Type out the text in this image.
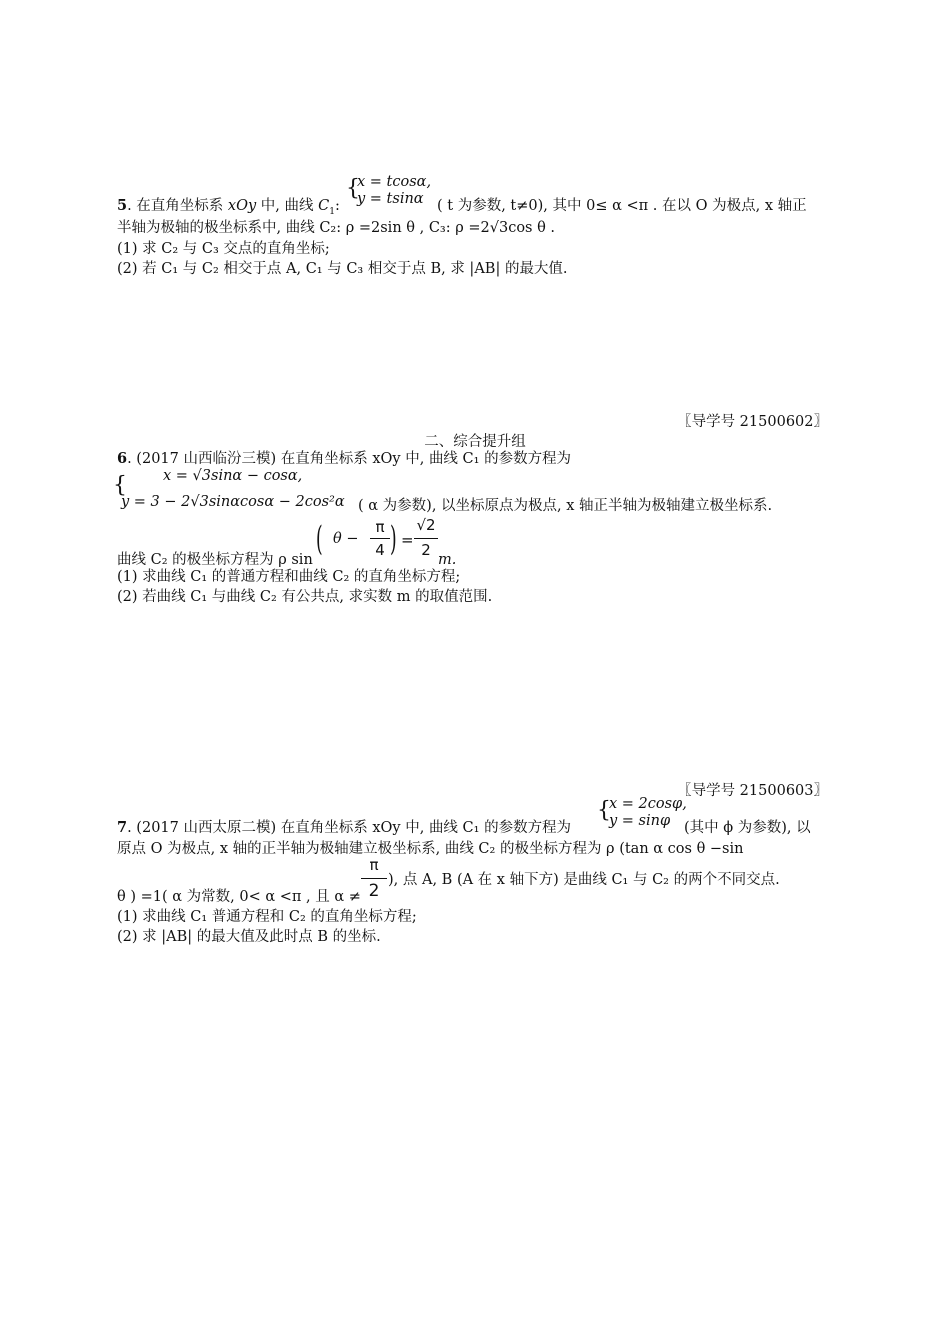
{
x = tcosα,
y = tsinα
5. 在直角坐标系 xOy 中, 曲线 $C_1$:	( t 为参数, t≠0), 其中 0≤ α <π . 在以 O 为极点, x 轴正
半轴为极轴的极坐标系中, 曲线 C₂: ρ =2sin θ , C₃: ρ =2√3cos θ .
(1) 求 C₂ 与 C₃ 交点的直角坐标;
(2) 若 C₁ 与 C₂ 相交于点 A, C₁ 与 C₃ 相交于点 B, 求 |AB| 的最大值.
〖导学号 21500602〗
二、综合提升组
6. (2017 山西临汾三模) 在直角坐标系 xOy 中, 曲线 C₁ 的参数方程为
{ x = √3sinα − cosα,
y = 3 − 2√3sinαcosα − 2cos²α ( α 为参数), 以坐标原点为极点, x 轴正半轴为极轴建立极坐标系.
曲线 C₂ 的极坐标方程为 ρ sin
( θ −
π
4 ) =
√2
2
m.
(1) 求曲线 C₁ 的普通方程和曲线 C₂ 的直角坐标方程;
(2) 若曲线 C₁ 与曲线 C₂ 有公共点, 求实数 m 的取值范围.
〖导学号 21500603〗
7. (2017 山西太原二模) 在直角坐标系 xOy 中, 曲线 C₁ 的参数方程为
{
x = 2cosφ,
y = sinφ (其中 ϕ 为参数), 以
原点 O 为极点, x 轴的正半轴为极轴建立极坐标系, 曲线 C₂ 的极坐标方程为 ρ (tan α cos θ −sin
θ ) =1( α 为常数, 0< α <π , 且 α ≠
π
2
), 点 A, B (A 在 x 轴下方) 是曲线 C₁ 与 C₂ 的两个不同交点.
(1) 求曲线 C₁ 普通方程和 C₂ 的直角坐标方程;
(2) 求 |AB| 的最大值及此时点 B 的坐标.
